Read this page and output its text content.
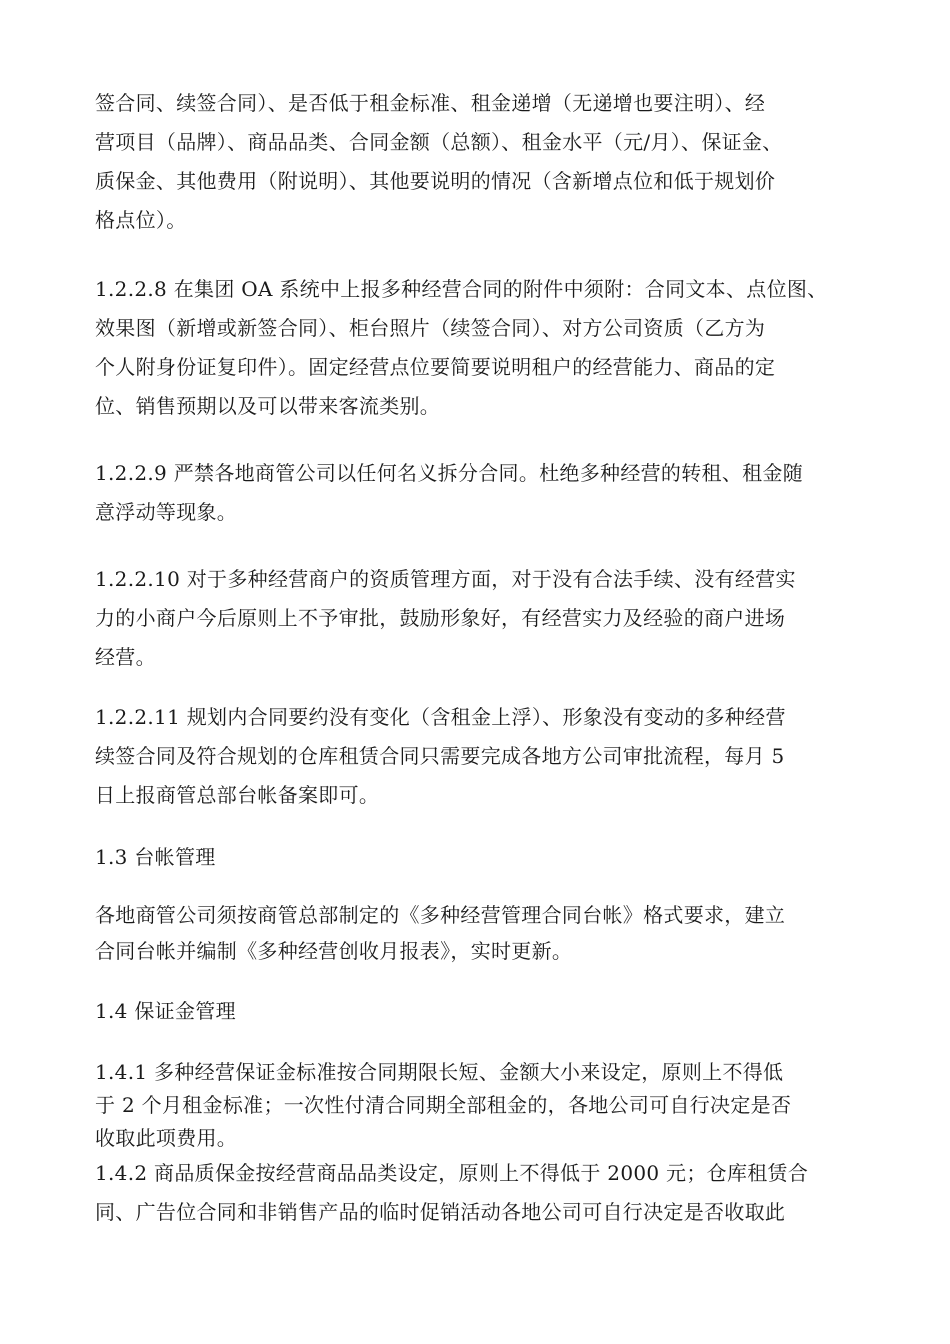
签合同、续签合同）、是否低于租金标准、租金递增（无递增也要注明）、经
营项目（品牌）、商品品类、合同金额（总额）、租金水平（元/月）、保证金、
质保金、其他费用（附说明）、其他要说明的情况（含新增点位和低于规划价
格点位）。
1.2.2.8 在集团 OA 系统中上报多种经营合同的附件中须附：合同文本、点位图、
效果图（新增或新签合同）、柜台照片（续签合同）、对方公司资质（乙方为
个人附身份证复印件）。固定经营点位要简要说明租户的经营能力、商品的定
位、销售预期以及可以带来客流类别。
1.2.2.9 严禁各地商管公司以任何名义拆分合同。杜绝多种经营的转租、租金随
意浮动等现象。
1.2.2.10 对于多种经营商户的资质管理方面，对于没有合法手续、没有经营实
力的小商户今后原则上不予审批，鼓励形象好，有经营实力及经验的商户进场
经营。
1.2.2.11 规划内合同要约没有变化（含租金上浮）、形象没有变动的多种经营
续签合同及符合规划的仓库租赁合同只需要完成各地方公司审批流程，每月 5
日上报商管总部台帐备案即可。
1.3 台帐管理
各地商管公司须按商管总部制定的《多种经营管理合同台帐》格式要求，建立
合同台帐并编制《多种经营创收月报表》，实时更新。
1.4 保证金管理
1.4.1 多种经营保证金标准按合同期限长短、金额大小来设定，原则上不得低
于 2 个月租金标准；一次性付清合同期全部租金的，各地公司可自行决定是否
收取此项费用。
1.4.2 商品质保金按经营商品品类设定，原则上不得低于 2000 元；仓库租赁合
同、广告位合同和非销售产品的临时促销活动各地公司可自行决定是否收取此
